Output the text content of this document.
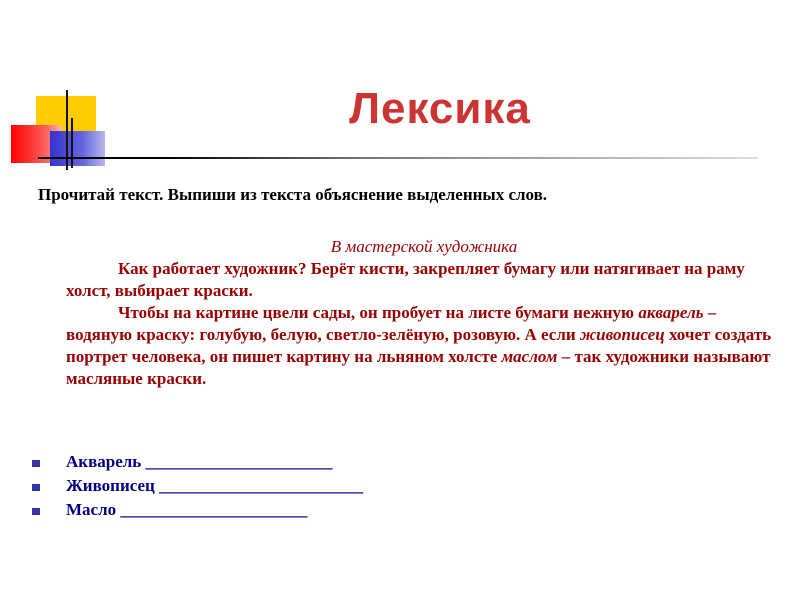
Лексика
Прочитай текст. Выпиши из текста объяснение выделенных слов.
В мастерской художника

Как работает художник? Берёт кисти, закрепляет бумагу или натягивает на раму холст, выбирает краски.

Чтобы на картине цвели сады, он пробует на листе бумаги нежную акварель – водяную краску: голубую, белую, светло-зелёную, розовую. А если живописец хочет создать портрет человека, он пишет картину на льняном холсте маслом – так художники называют масляные краски.

Акварель ______________________
Живописец ________________________
Масло ______________________
